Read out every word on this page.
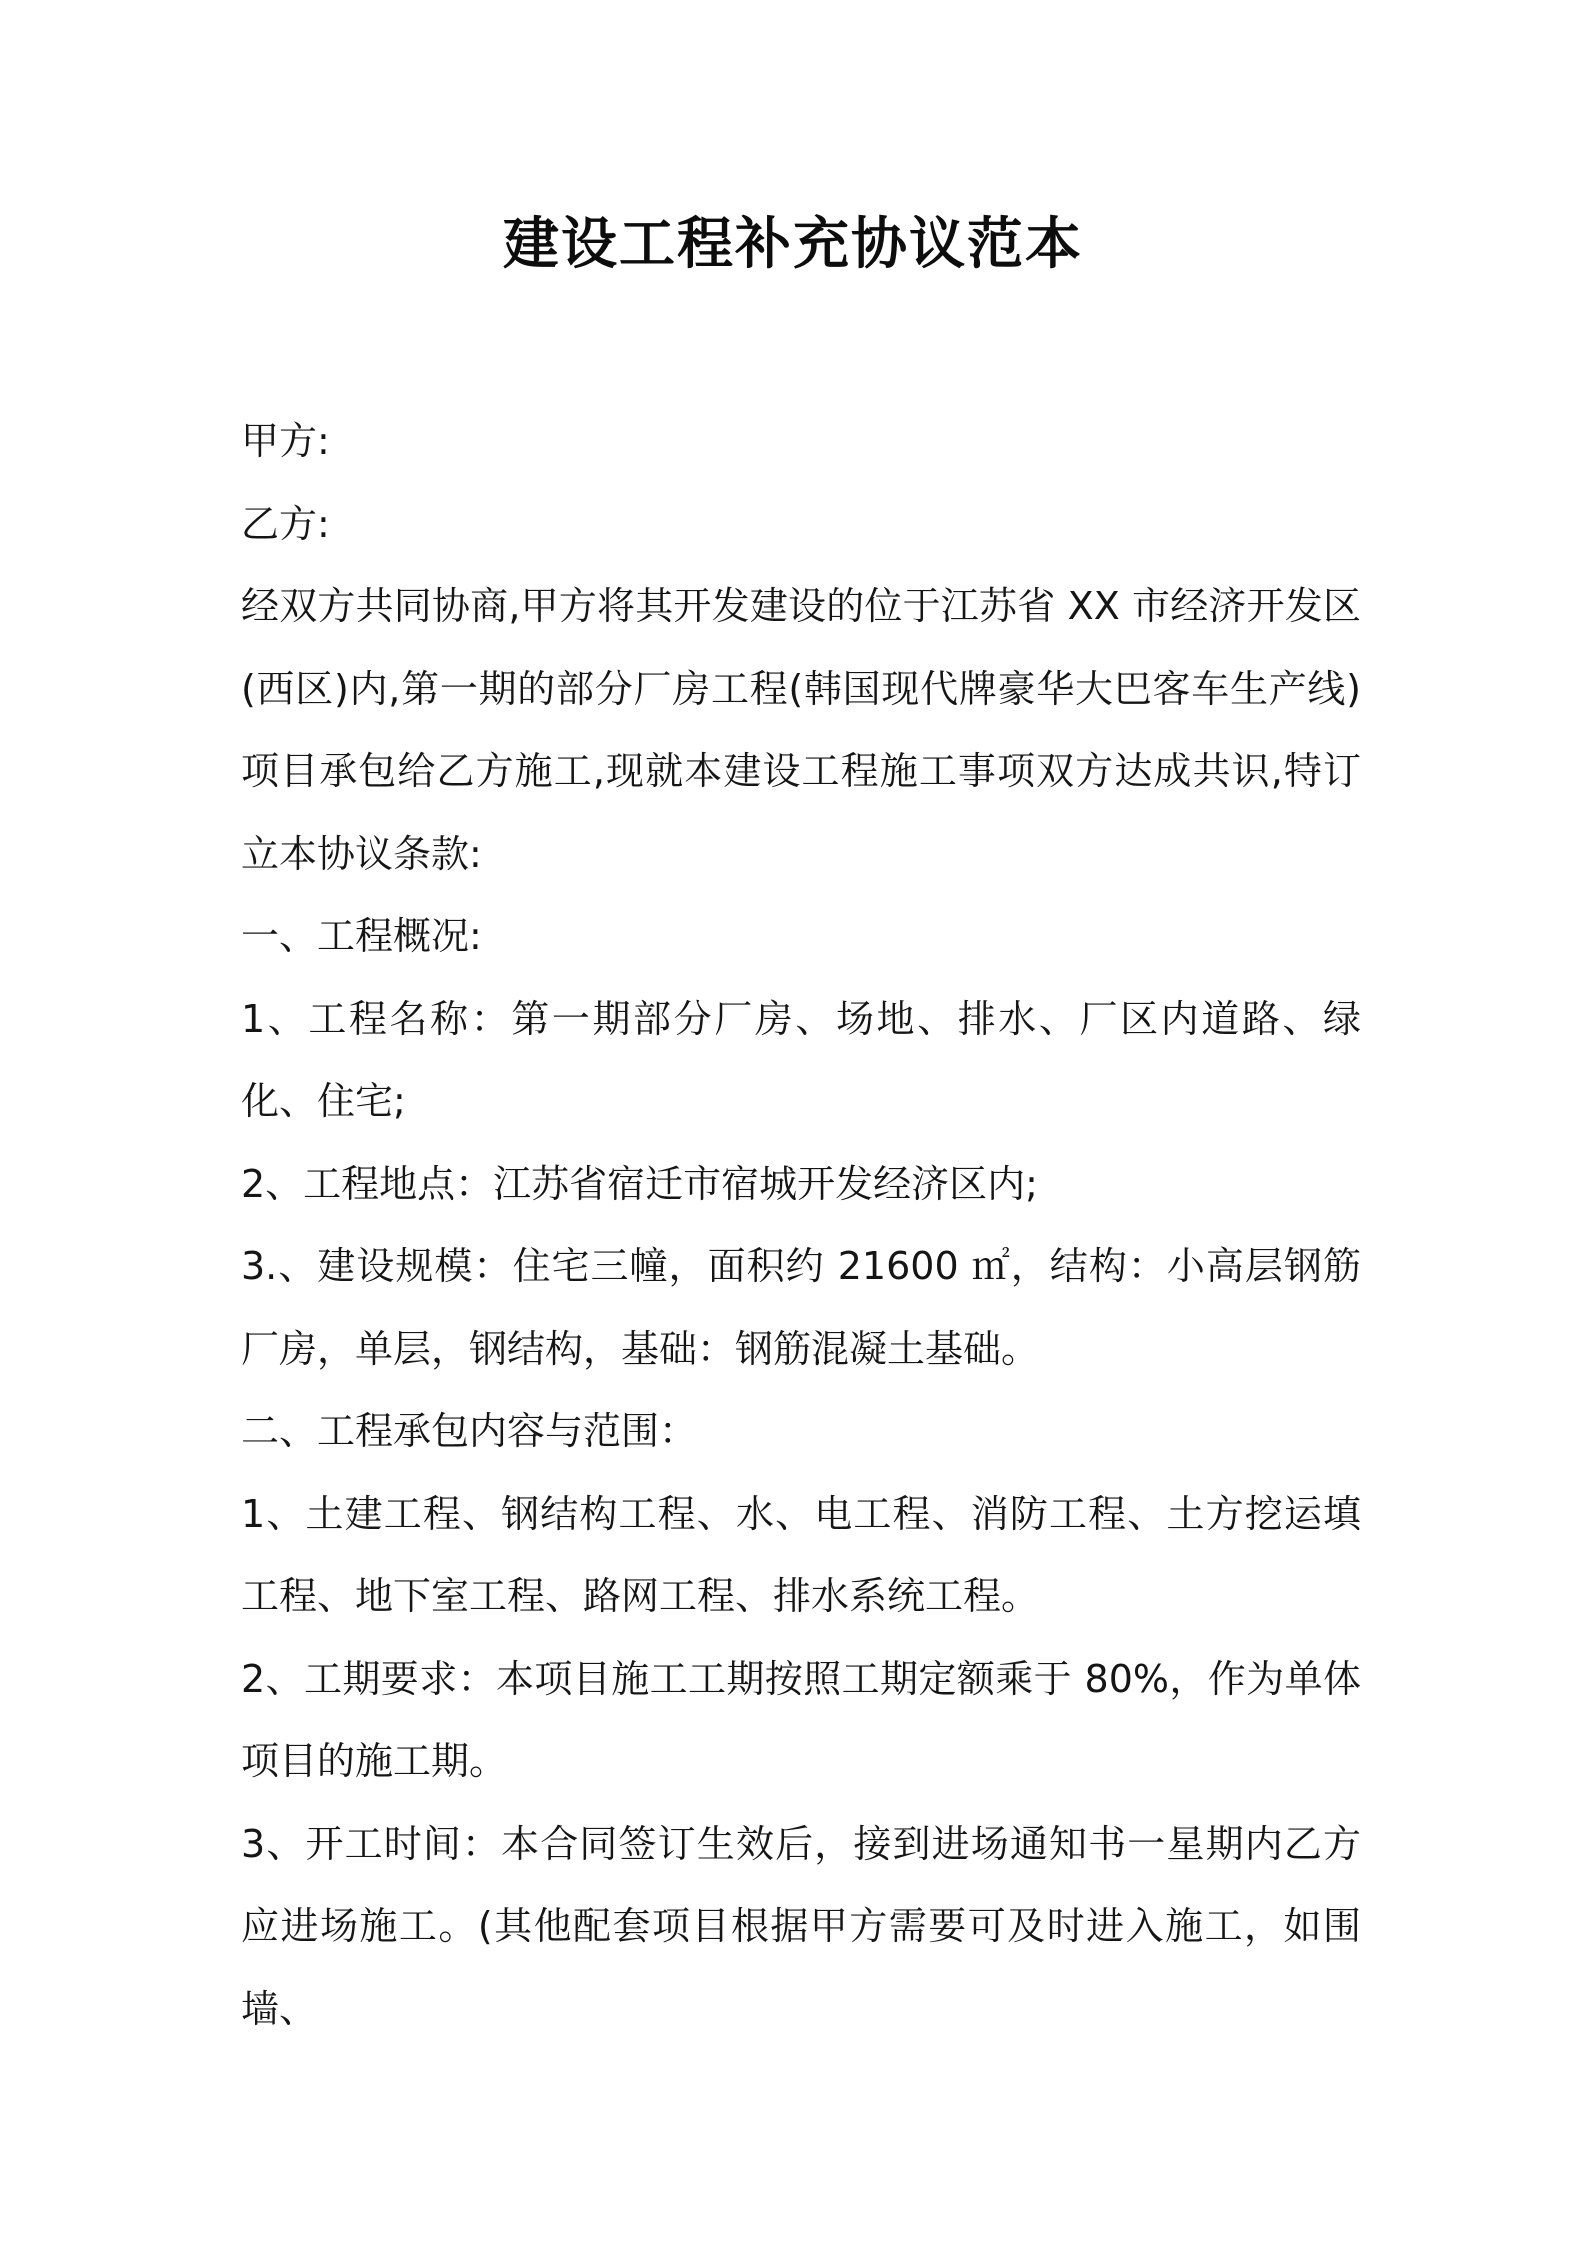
建设工程补充协议范本

甲方:

乙方:

经双方共同协商,甲方将其开发建设的位于江苏省 XX 市经济开发区(西区)内,第一期的部分厂房工程(韩国现代牌豪华大巴客车生产线)项目承包给乙方施工,现就本建设工程施工事项双方达成共识,特订立本协议条款:

一、工程概况:

1、工程名称：第一期部分厂房、场地、排水、厂区内道路、绿化、住宅;

2、工程地点：江苏省宿迁市宿城开发经济区内;

3.、建设规模：住宅三幢，面积约 21600 ㎡，结构：小高层钢筋厂房，单层，钢结构，基础：钢筋混凝土基础。

二、工程承包内容与范围：

1、土建工程、钢结构工程、水、电工程、消防工程、土方挖运填工程、地下室工程、路网工程、排水系统工程。

2、工期要求：本项目施工工期按照工期定额乘于 80%，作为单体项目的施工期。

3、开工时间：本合同签订生效后，接到进场通知书一星期内乙方应进场施工。(其他配套项目根据甲方需要可及时进入施工，如围墙、
